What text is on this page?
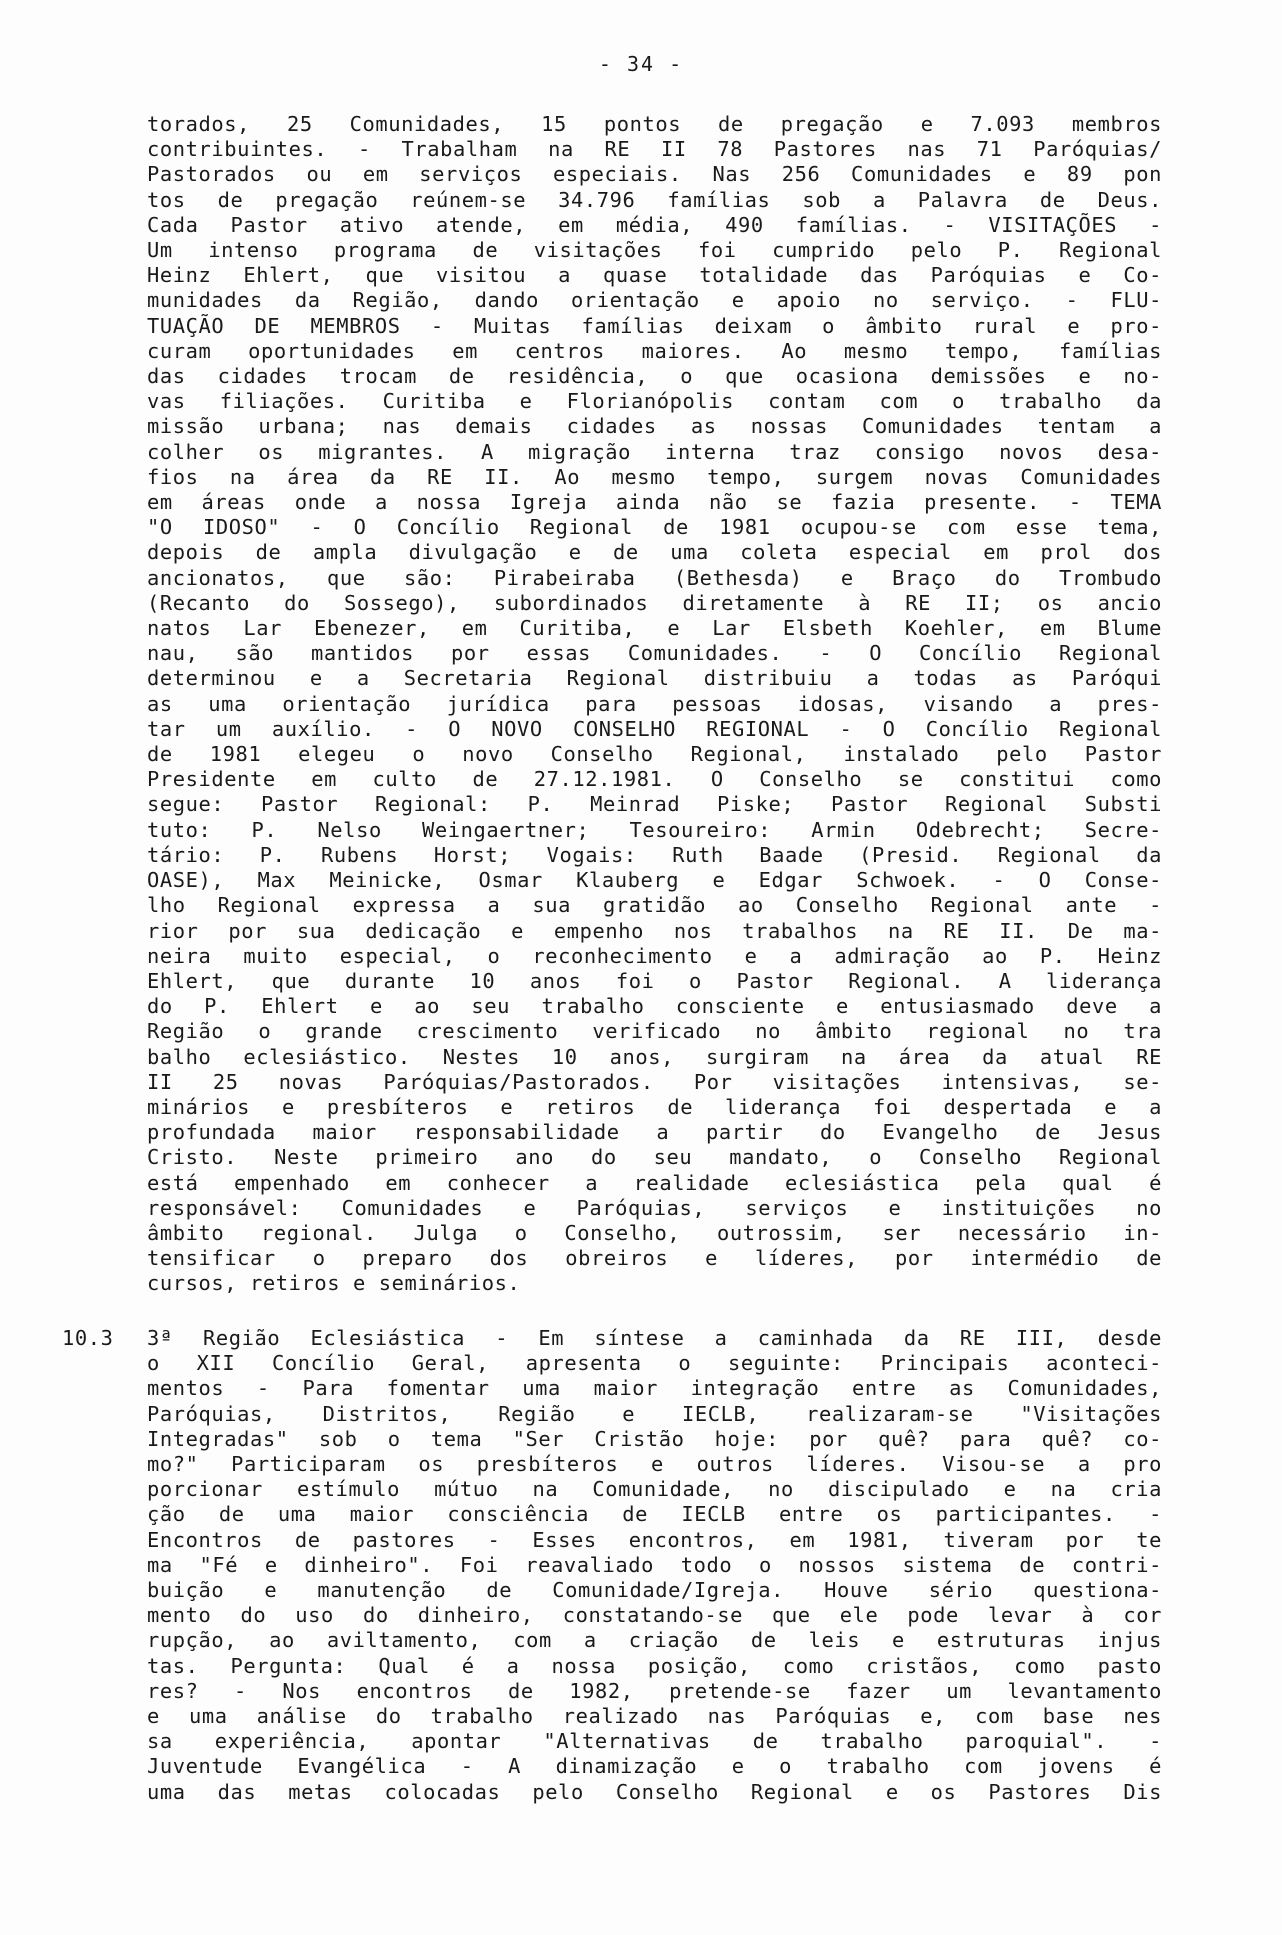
- 34 -
torados, 25 Comunidades, 15 pontos de pregação e 7.093 membros
contribuintes. - Trabalham na RE II 78 Pastores nas 71 Paróquias/
Pastorados ou em serviços especiais. Nas 256 Comunidades e 89 pon
tos de pregação reúnem-se 34.796 famílias sob a Palavra de Deus.
Cada Pastor ativo atende, em média, 490 famílias. - VISITAÇÕES -
Um intenso programa de visitações foi cumprido pelo P. Regional
Heinz Ehlert, que visitou a quase totalidade das Paróquias e Co-
munidades da Região, dando orientação e apoio no serviço. - FLU-
TUAÇÃO DE MEMBROS - Muitas famílias deixam o âmbito rural e pro-
curam oportunidades em centros maiores. Ao mesmo tempo, famílias
das cidades trocam de residência, o que ocasiona demissões e no-
vas filiações. Curitiba e Florianópolis contam com o trabalho da
missão urbana; nas demais cidades as nossas Comunidades tentam a
colher os migrantes. A migração interna traz consigo novos desa-
fios na área da RE II. Ao mesmo tempo, surgem novas Comunidades
em áreas onde a nossa Igreja ainda não se fazia presente. - TEMA
"O IDOSO" - O Concílio Regional de 1981 ocupou-se com esse tema,
depois de ampla divulgação e de uma coleta especial em prol dos
ancionatos, que são: Pirabeiraba (Bethesda) e Braço do Trombudo
(Recanto do Sossego), subordinados diretamente à RE II; os ancio
natos Lar Ebenezer, em Curitiba, e Lar Elsbeth Koehler, em Blume
nau, são mantidos por essas Comunidades. - O Concílio Regional
determinou e a Secretaria Regional distribuiu a todas as Paróqui
as uma orientação jurídica para pessoas idosas, visando a pres-
tar um auxílio. - O NOVO CONSELHO REGIONAL - O Concílio Regional
de 1981 elegeu o novo Conselho Regional, instalado pelo Pastor
Presidente em culto de 27.12.1981. O Conselho se constitui como
segue: Pastor Regional: P. Meinrad Piske; Pastor Regional Substi
tuto: P. Nelso Weingaertner; Tesoureiro: Armin Odebrecht; Secre-
tário: P. Rubens Horst; Vogais: Ruth Baade (Presid. Regional da
OASE), Max Meinicke, Osmar Klauberg e Edgar Schwoek. - O Conse-
lho Regional expressa a sua gratidão ao Conselho Regional ante -
rior por sua dedicação e empenho nos trabalhos na RE II. De ma-
neira muito especial, o reconhecimento e a admiração ao P. Heinz
Ehlert, que durante 10 anos foi o Pastor Regional. A liderança
do P. Ehlert e ao seu trabalho consciente e entusiasmado deve a
Região o grande crescimento verificado no âmbito regional no tra
balho eclesiástico. Nestes 10 anos, surgiram na área da atual RE
II 25 novas Paróquias/Pastorados. Por visitações intensivas, se-
minários e presbíteros e retiros de liderança foi despertada e a
profundada maior responsabilidade a partir do Evangelho de Jesus
Cristo. Neste primeiro ano do seu mandato, o Conselho Regional
está empenhado em conhecer a realidade eclesiástica pela qual é
responsável: Comunidades e Paróquias, serviços e instituições no
âmbito regional. Julga o Conselho, outrossim, ser necessário in-
tensificar o preparo dos obreiros e líderes, por intermédio de
cursos, retiros e seminários.
10.3 3ª Região Eclesiástica - Em síntese a caminhada da RE III, desde
o XII Concílio Geral, apresenta o seguinte: Principais aconteci-
mentos - Para fomentar uma maior integração entre as Comunidades,
Paróquias, Distritos, Região e IECLB, realizaram-se "Visitações
Integradas" sob o tema "Ser Cristão hoje: por quê? para quê? co-
mo?" Participaram os presbíteros e outros líderes. Visou-se a pro
porcionar estímulo mútuo na Comunidade, no discipulado e na cria
ção de uma maior consciência de IECLB entre os participantes. -
Encontros de pastores - Esses encontros, em 1981, tiveram por te
ma "Fé e dinheiro". Foi reavaliado todo o nossos sistema de contri-
buição e manutenção de Comunidade/Igreja. Houve sério questiona-
mento do uso do dinheiro, constatando-se que ele pode levar à cor
rupção, ao aviltamento, com a criação de leis e estruturas injus
tas. Pergunta: Qual é a nossa posição, como cristãos, como pasto
res? - Nos encontros de 1982, pretende-se fazer um levantamento
e uma análise do trabalho realizado nas Paróquias e, com base nes
sa experiência, apontar "Alternativas de trabalho paroquial". -
Juventude Evangélica - A dinamização e o trabalho com jovens é
uma das metas colocadas pelo Conselho Regional e os Pastores Dis
